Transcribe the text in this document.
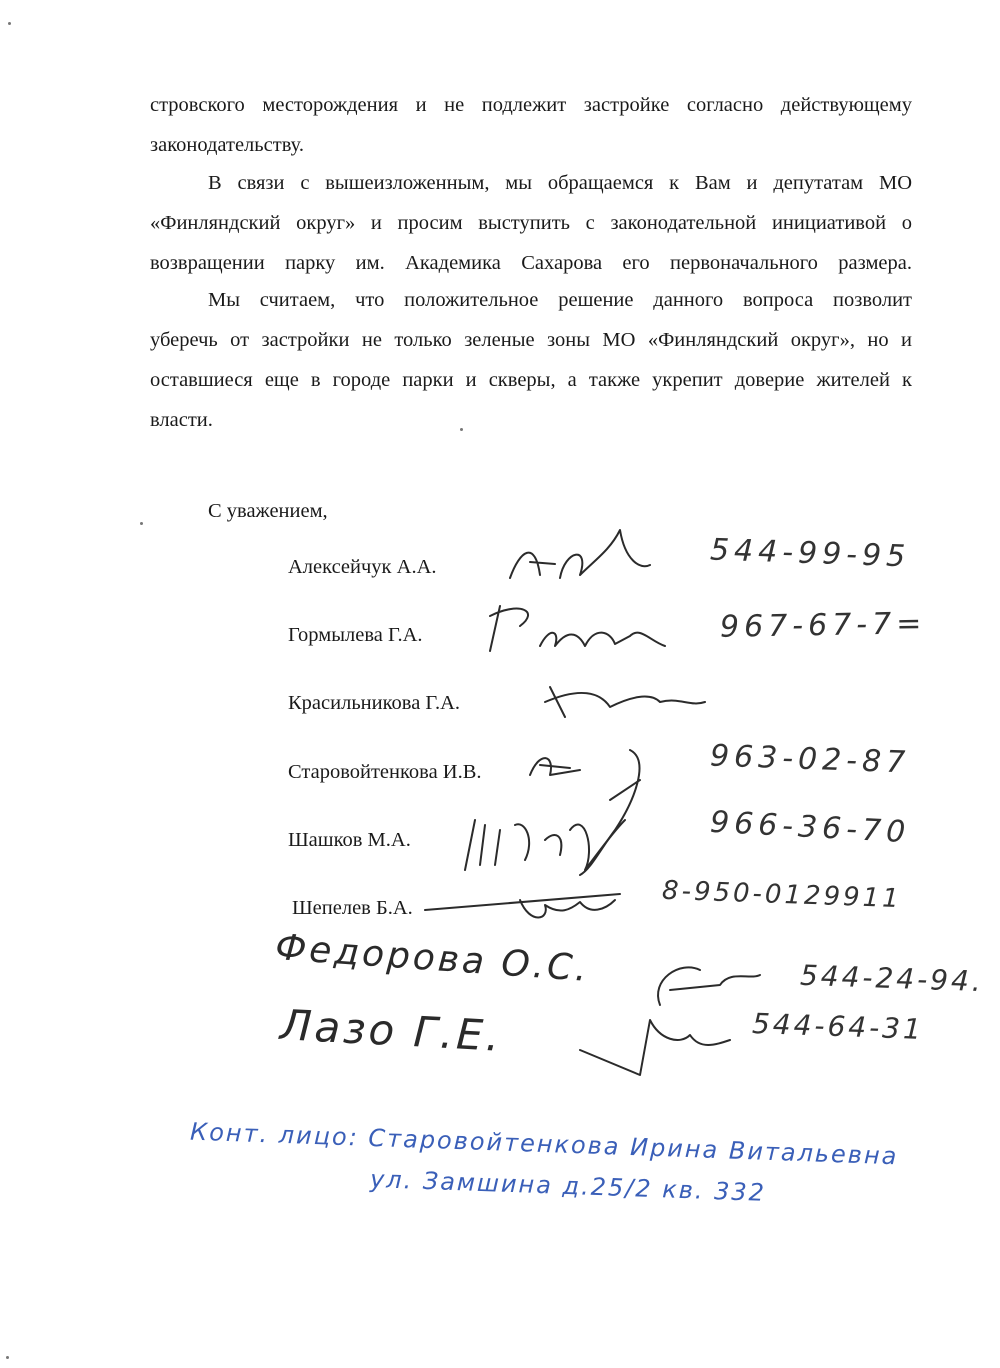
стровского месторождения и не подлежит застройке согласно действующему
законодательству.
В связи с вышеизложенным, мы обращаемся к Вам и депутатам МО
«Финляндский округ» и просим выступить с законодательной инициативой о
возвращении парку им. Академика Сахарова его первоначального размера.
Мы считаем, что положительное решение данного вопроса позволит
уберечь от застройки не только зеленые зоны МО «Финляндский округ», но и
оставшиеся еще в городе парки и скверы, а также укрепит доверие жителей к
власти.
С уважением,
Алексейчук А.А.
Гормылева Г.А.
Красильникова Г.А.
Старовойтенкова И.В.
Шашков М.А.
Шепелев Б.А.
544-99-95
967-67-7=
963-02-87
966-36-70
8-950-0129911
Федорова О.С.	544-24-94.
Лазо Г.Е.	544-64-31
Конт. лицо: Старовойтенкова Ирина Витальевна
ул. Замшина д.25/2 кв. 332
